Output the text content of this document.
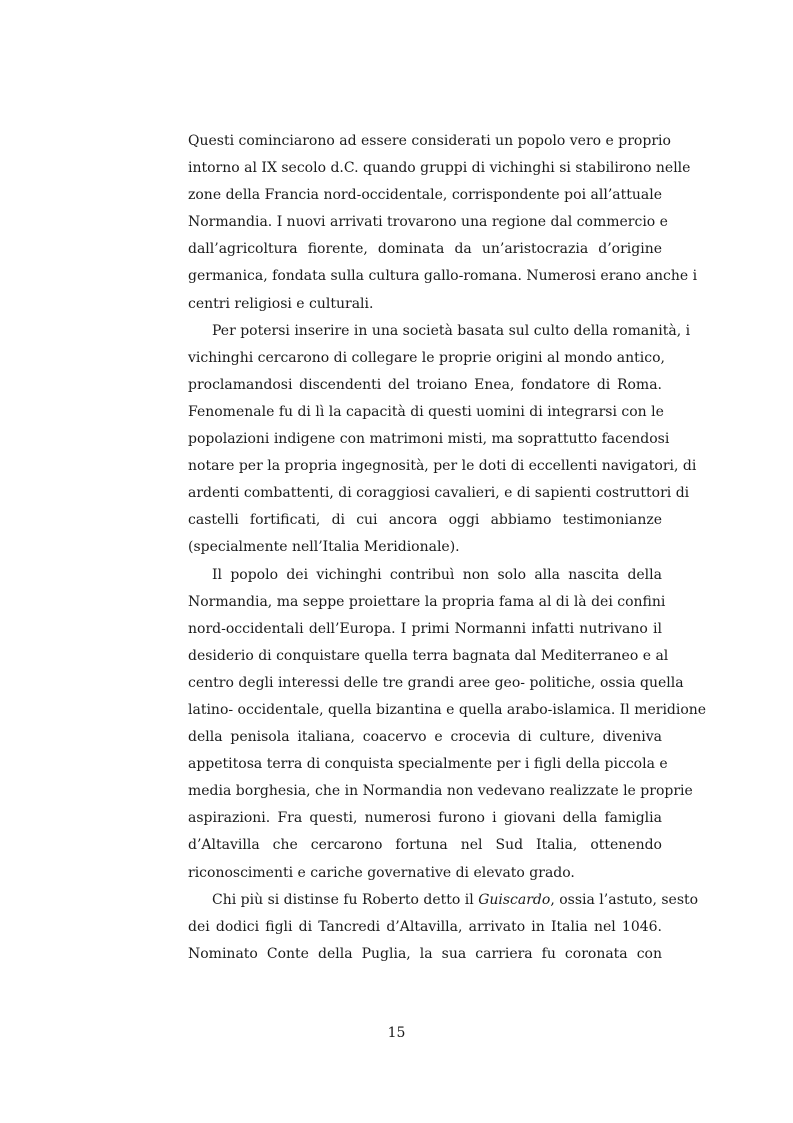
Questi cominciarono ad essere considerati un popolo vero e proprio
intorno al IX secolo d.C. quando gruppi di vichinghi si stabilirono nelle
zone della Francia nord-occidentale, corrispondente poi all’attuale
Normandia. I nuovi arrivati trovarono una regione dal commercio e
dall’agricoltura fiorente, dominata da un’aristocrazia d’origine
germanica, fondata sulla cultura gallo-romana. Numerosi erano anche i
centri religiosi e culturali.
Per potersi inserire in una società basata sul culto della romanità, i
vichinghi cercarono di collegare le proprie origini al mondo antico,
proclamandosi discendenti del troiano Enea, fondatore di Roma.
Fenomenale fu di lì la capacità di questi uomini di integrarsi con le
popolazioni indigene con matrimoni misti, ma soprattutto facendosi
notare per la propria ingegnosità, per le doti di eccellenti navigatori, di
ardenti combattenti, di coraggiosi cavalieri, e di sapienti costruttori di
castelli fortificati, di cui ancora oggi abbiamo testimonianze
(specialmente nell’Italia Meridionale).
Il popolo dei vichinghi contribuì non solo alla nascita della
Normandia, ma seppe proiettare la propria fama al di là dei confini
nord-occidentali dell’Europa. I primi Normanni infatti nutrivano il
desiderio di conquistare quella terra bagnata dal Mediterraneo e al
centro degli interessi delle tre grandi aree geo- politiche, ossia quella
latino- occidentale, quella bizantina e quella arabo-islamica. Il meridione
della penisola italiana, coacervo e crocevia di culture, diveniva
appetitosa terra di conquista specialmente per i figli della piccola e
media borghesia, che in Normandia non vedevano realizzate le proprie
aspirazioni. Fra questi, numerosi furono i giovani della famiglia
d’Altavilla che cercarono fortuna nel Sud Italia, ottenendo
riconoscimenti e cariche governative di elevato grado.
Chi più si distinse fu Roberto detto il Guiscardo, ossia l’astuto, sesto
dei dodici figli di Tancredi d’Altavilla, arrivato in Italia nel 1046.
Nominato Conte della Puglia, la sua carriera fu coronata con
15
